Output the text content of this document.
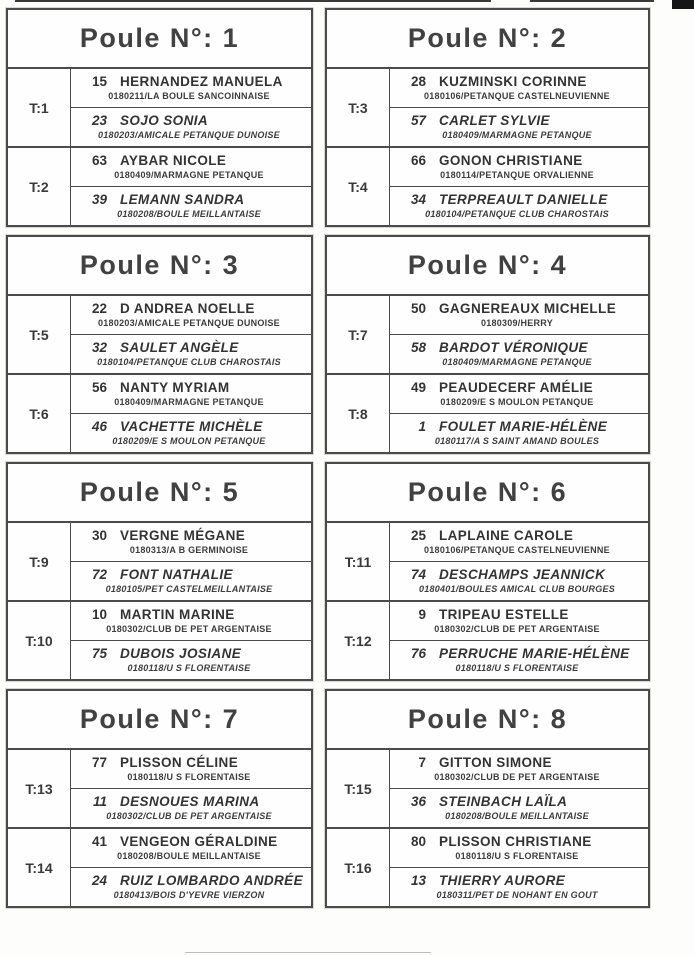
Poule N°: 1
T:1
15 HERNANDEZ MANUELA
0180211/LA BOULE SANCOINNAISE
23 SOJO SONIA
0180203/AMICALE PETANQUE DUNOISE
T:2
63 AYBAR NICOLE
0180409/MARMAGNE PETANQUE
39 LEMANN SANDRA
0180208/BOULE MEILLANTAISE
Poule N°: 2
T:3
28 KUZMINSKI CORINNE
0180106/PETANQUE CASTELNEUVIENNE
57 CARLET SYLVIE
0180409/MARMAGNE PETANQUE
T:4
66 GONON CHRISTIANE
0180114/PETANQUE ORVALIENNE
34 TERPREAULT DANIELLE
0180104/PETANQUE CLUB CHAROSTAIS
Poule N°: 3
T:5
22 D ANDREA NOELLE
0180203/AMICALE PETANQUE DUNOISE
32 SAULET ANGÈLE
0180104/PETANQUE CLUB CHAROSTAIS
T:6
56 NANTY MYRIAM
0180409/MARMAGNE PETANQUE
46 VACHETTE MICHÈLE
0180209/E S MOULON PETANQUE
Poule N°: 4
T:7
50 GAGNEREAUX MICHELLE
0180309/HERRY
58 BARDOT VÉRONIQUE
0180409/MARMAGNE PETANQUE
T:8
49 PEAUDECERF AMÉLIE
0180209/E S MOULON PETANQUE
1 FOULET MARIE-HÉLÈNE
0180117/A S SAINT AMAND BOULES
Poule N°: 5
T:9
30 VERGNE MÉGANE
0180313/A B GERMINOISE
72 FONT NATHALIE
0180105/PET CASTELMEILLANTAISE
T:10
10 MARTIN MARINE
0180302/CLUB DE PET ARGENTAISE
75 DUBOIS JOSIANE
0180118/U S FLORENTAISE
Poule N°: 6
T:11
25 LAPLAINE CAROLE
0180106/PETANQUE CASTELNEUVIENNE
74 DESCHAMPS JEANNICK
0180401/BOULES AMICAL CLUB BOURGES
T:12
9 TRIPEAU ESTELLE
0180302/CLUB DE PET ARGENTAISE
76 PERRUCHE MARIE-HÉLÈNE
0180118/U S FLORENTAISE
Poule N°: 7
T:13
77 PLISSON CÉLINE
0180118/U S FLORENTAISE
11 DESNOUES MARINA
0180302/CLUB DE PET ARGENTAISE
T:14
41 VENGEON GÉRALDINE
0180208/BOULE MEILLANTAISE
24 RUIZ LOMBARDO ANDRÉE
0180413/BOIS D'YEVRE VIERZON
Poule N°: 8
T:15
7 GITTON SIMONE
0180302/CLUB DE PET ARGENTAISE
36 STEINBACH LAÏLA
0180208/BOULE MEILLANTAISE
T:16
80 PLISSON CHRISTIANE
0180118/U S FLORENTAISE
13 THIERRY AURORE
0180311/PET DE NOHANT EN GOUT
